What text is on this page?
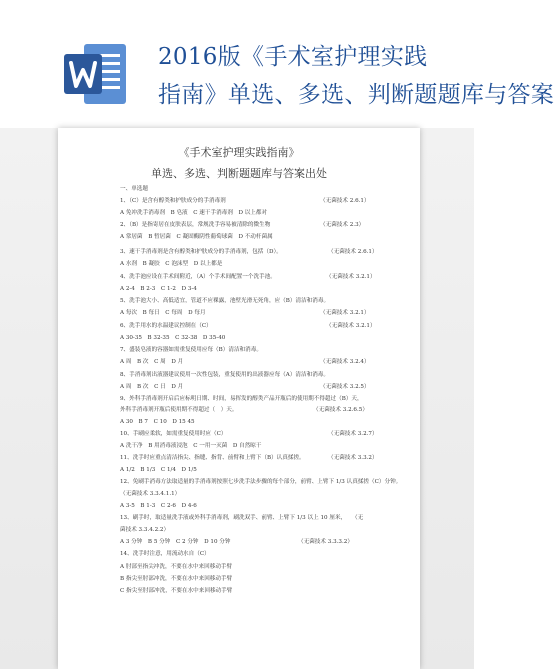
2016版《手术室护理实践
指南》单选、多选、判断题题库与答案
《手术室护理实践指南》
单选、多选、判断题题库与答案出处
一、单选题
1、（C）是含有醇类和护肤成分的手消毒剂
A 免冲洗手消毒剂　B 皂液　C 速干手消毒剂　D 以上都对
2、（B）是指寄居在皮肤表层，常规洗手容易被清除的微生物
A 常居菌　B 暂居菌　C 凝固酶阴性葡萄球菌　D 不动杆菌属
3、速干手消毒剂是含有醇类和护肤成分的手消毒剂，包括（D）。
A 水剂　B 凝胶　C 泡沫型　D 以上都是
4、洗手池应设在手术间附近，（A）个手术间配置一个洗手池。
A 2-4　B 2-3　C 1-2　D 3-4
5、洗手池大小、高低适宜，管道不应裸露，池壁光滑无死角，应（B）清洁和消毒。
A 每次　B 每日　C 每周　D 每月
6、洗手用水的水温建议控制在（C）
A 30-35　B 32-35　C 32-38　D 35-40
7、盛装皂液的容器如需重复使用应每（B）清洁和消毒。
A 周　B 次　C 周　D 月
8、手消毒剂出液器建议使用一次性包装，重复使用的出液器应每（A）清洁和消毒。
A 周　B 次　C 日　D 月
9、外科手消毒剂开启后应标明日期、时间，易挥发的醇类产品开瓶后的使用期不得超过（B）天，
外科手消毒剂开瓶后使用期不得超过（　）天。
A 30　B 7　C 10　D 15 45
10、手刷应柔软，如需重复使用时应（C）
A 洗干净　B 用消毒液浸泡　C 一用一灭菌　D 自然晾干
11、洗手时应重点清洁指尖、指缝、指背、前臂和上臂下（B）认真揉搓。
A 1/2　B 1/3　C 1/4　D 1/5
12、免刷手消毒方法取适量的手消毒剂按照七步洗手法步骤的每个部分，前臂、上臂下 1/3 认真揉搓（C）分钟。
A 3-5　B 1-3　C 2-6　D 4-6
13、刷手时，取适量洗手液或外科手消毒剂，刷洗双手、前臂、上臂下 1/3 以上 10 厘米，
A 3 分钟　B 5 分钟　C 2 分钟　D 10 分钟
14、洗手时注意，用流动水自（C）
A 肘部至指尖冲洗，不要在水中来回移动手臂
B 指尖至肘部冲洗，不要在水中来回移动手臂
C 指尖至肘部冲洗，不要在水中来回移动手臂
（无菌技术 2.6.1）
（无菌技术 2.3）
（无菌技术 2.6.1）
（无菌技术 3.2.1）
（无菌技术 3.2.1）
（无菌技术 3.2.1）
（无菌技术 3.2.4）
（无菌技术 3.2.5）
（无菌技术 3.2.6.5）
（无菌技术 3.2.7）
（无菌技术 3.3.2）
（无菌技术 3.3.4.1.1）
（无
菌技术 3.3.4.2.2）
（无菌技术 3.3.3.2）
